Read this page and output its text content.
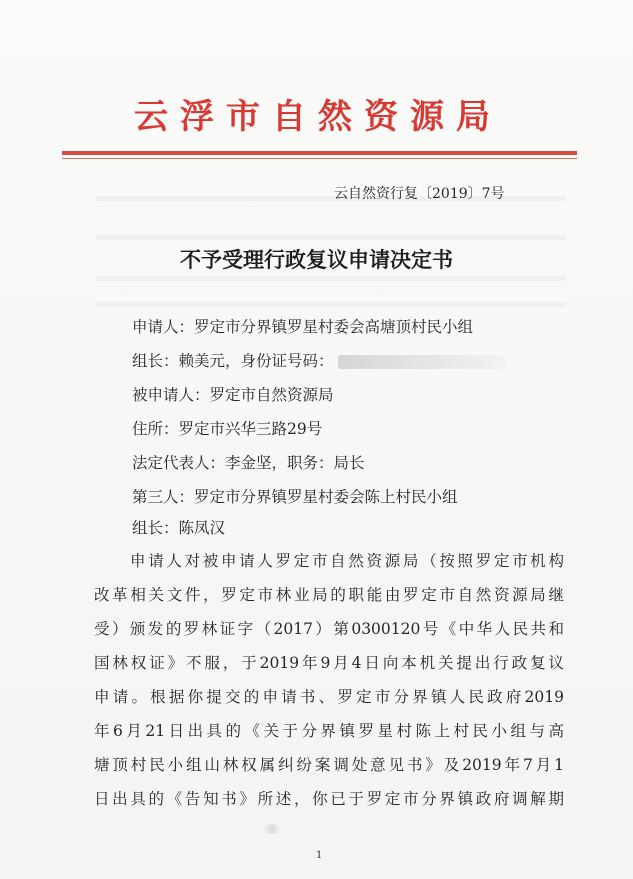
云浮市自然资源局
云自然资行复〔2019〕7号
不予受理行政复议申请决定书
申请人：罗定市分界镇罗星村委会高塘顶村民小组
组长：赖美元，身份证号码：
被申请人：罗定市自然资源局
住所：罗定市兴华三路29号
法定代表人：李金坚，职务：局长
第三人：罗定市分界镇罗星村委会陈上村民小组
组长：陈凤汉
申请人对被申请人罗定市自然资源局（按照罗定市机构
改革相关文件，罗定市林业局的职能由罗定市自然资源局继
受）颁发的罗林证字（2017）第0300120号《中华人民共和
国林权证》不服，于2019年9月4日向本机关提出行政复议
申请。根据你提交的申请书、罗定市分界镇人民政府2019
年6月21日出具的《关于分界镇罗星村陈上村民小组与高
塘顶村民小组山林权属纠纷案调处意见书》及2019年7月1
日出具的《告知书》所述，你已于罗定市分界镇政府调解期
1
